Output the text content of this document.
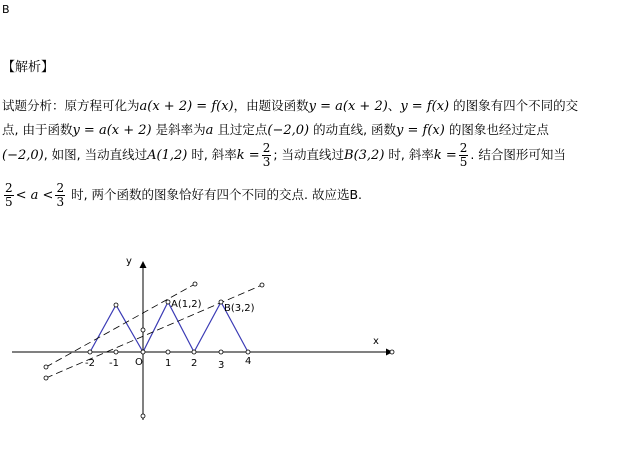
B
【解析】
试题分析：原方程可化为a(x + 2) = f(x)，由题设函数y = a(x + 2)、y = f(x) 的图象有四个不同的交
点, 由于函数y = a(x + 2) 是斜率为a 且过定点(−2,0) 的动直线, 函数y = f(x) 的图象也经过定点
(−2,0), 如图, 当动直线过A(1,2) 时, 斜率$k = \frac{2}{3}$ ; 当动直线过B(3,2) 时, 斜率$k = \frac{2}{5}$ . 结合图形可知当
$\frac{2}{5} < a < \frac{2}{3}$ 时, 两个函数的图象恰好有四个不同的交点. 故应选B.
y
x
O
-2 -1	1 2 3 4
A(1,2) B(3,2)
